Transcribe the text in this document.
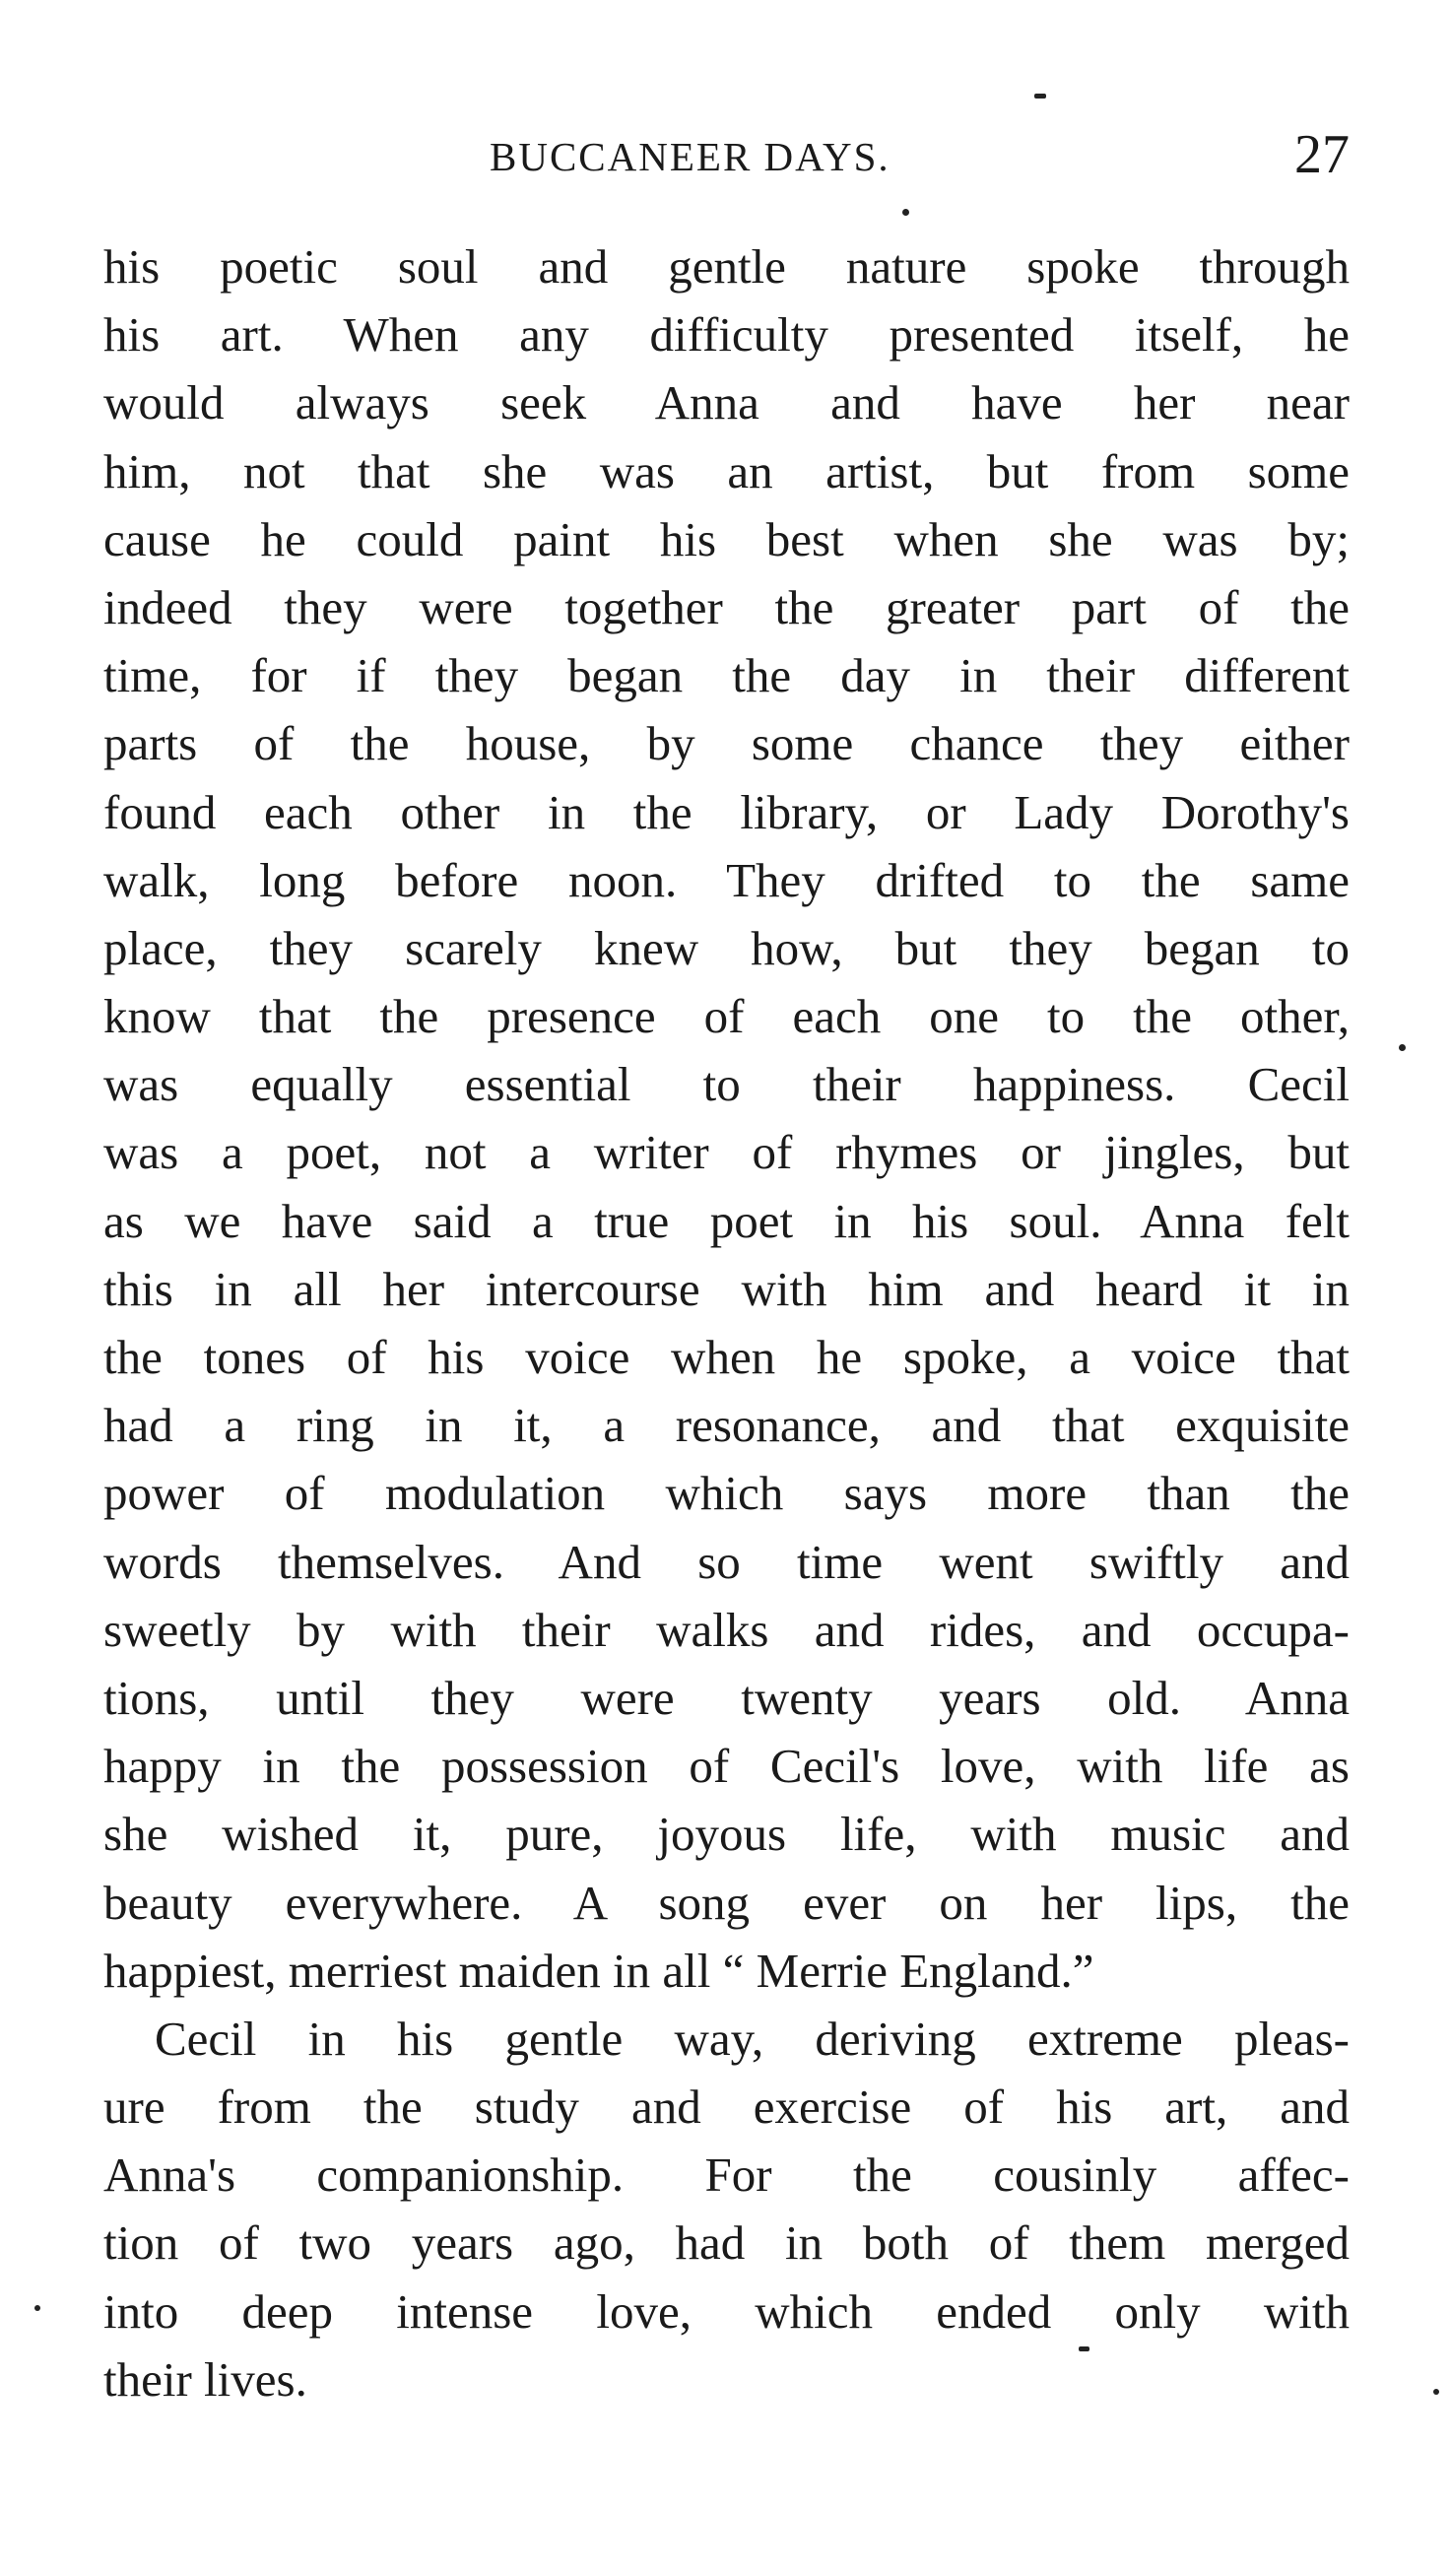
BUCCANEER DAYS.	27
his poetic soul and gentle nature spoke through
his art. When any difficulty presented itself, he
would always seek Anna and have her near
him, not that she was an artist, but from some
cause he could paint his best when she was by;
indeed they were together the greater part of the
time, for if they began the day in their different
parts of the house, by some chance they either
found each other in the library, or Lady Dorothy's
walk, long before noon. They drifted to the same
place, they scarely knew how, but they began to
know that the presence of each one to the other,
was equally essential to their happiness. Cecil
was a poet, not a writer of rhymes or jingles, but
as we have said a true poet in his soul. Anna felt
this in all her intercourse with him and heard it in
the tones of his voice when he spoke, a voice that
had a ring in it, a resonance, and that exquisite
power of modulation which says more than the
words themselves. And so time went swiftly and
sweetly by with their walks and rides, and occupa-
tions, until they were twenty years old. Anna
happy in the possession of Cecil's love, with life as
she wished it, pure, joyous life, with music and
beauty everywhere. A song ever on her lips, the
happiest, merriest maiden in all “ Merrie England.”
Cecil in his gentle way, deriving extreme pleas-
ure from the study and exercise of his art, and
Anna's companionship. For the cousinly affec-
tion of two years ago, had in both of them merged
into deep intense love, which ended only with
their lives.
